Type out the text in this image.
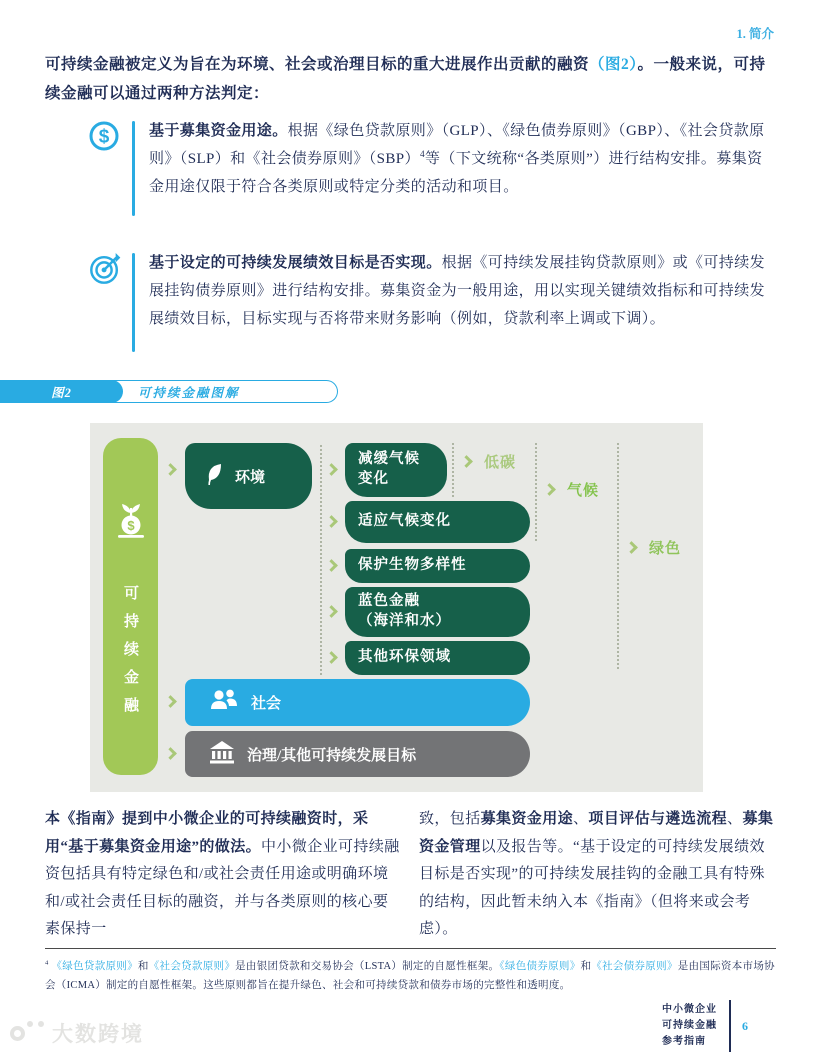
1. 简介
可持续金融被定义为旨在为环境、社会或治理目标的重大进展作出贡献的融资（图2）。一般来说，可持续金融可以通过两种方法判定：
$	基于募集资金用途。根据《绿色贷款原则》（GLP）、《绿色债券原则》（GBP）、《社会贷款原则》（SLP）和《社会债券原则》（SBP）$^4$等（下文统称“各类原则”）进行结构安排。募集资金用途仅限于符合各类原则或特定分类的活动和项目。
基于设定的可持续发展绩效目标是否实现。根据《可持续发展挂钩贷款原则》或《可持续发展挂钩债券原则》进行结构安排。募集资金为一般用途，用以实现关键绩效指标和可持续发展绩效目标，目标实现与否将带来财务影响（例如，贷款利率上调或下调）。
图2	可持续金融图解
$
可持续金融
环境
减缓气候
变化
适应气候变化
保护生物多样性
蓝色金融
（海洋和水）
其他环保领域
低碳
气候
绿色
社会
治理/其他可持续发展目标
本《指南》提到中小微企业的可持续融资时，采用“基于募集资金用途”的做法。中小微企业可持续融资包括具有特定绿色和/或社会责任用途或明确环境和/或社会责任目标的融资，并与各类原则的核心要素保持一
致，包括募集资金用途、项目评估与遴选流程、募集资金管理以及报告等。“基于设定的可持续发展绩效目标是否实现”的可持续发展挂钩的金融工具有特殊的结构，因此暂未纳入本《指南》（但将来或会考虑）。
$^4$ 《绿色贷款原则》和《社会贷款原则》是由银团贷款和交易协会（LSTA）制定的自愿性框架。《绿色债券原则》和《社会债券原则》是由国际资本市场协会（ICMA）制定的自愿性框架。这些原则都旨在提升绿色、社会和可持续贷款和债券市场的完整性和透明度。
中小微企业
可持续金融
参考指南
6
大数跨境
